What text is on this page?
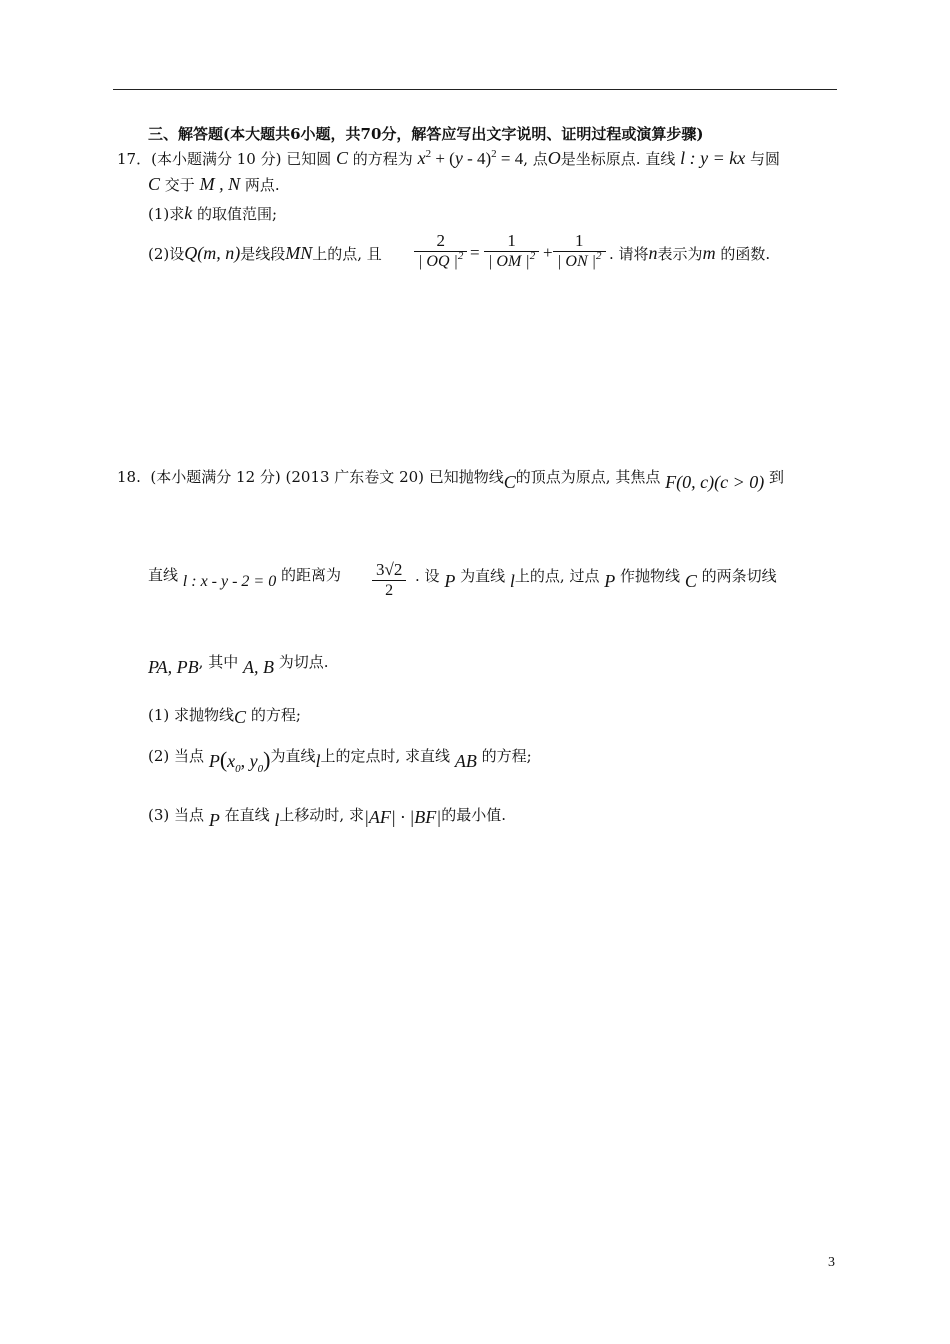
三、解答题(本大题共6小题，共70分，解答应写出文字说明、证明过程或演算步骤)
17．(本小题满分 10 分) 已知圆 C 的方程为 $x^2 + (y - 4)^2 = 4$, 点O是坐标原点. 直线 l : y = kx 与圆
C 交于 M , N 两点.
(1)求k 的取值范围;
(2)设Q(m, n)是线段MN上的点, 且 $\frac{2}{| OQ |^2} = \frac{1}{| OM |^2} + \frac{1}{| ON |^2}$ . 请将n表示为m 的函数.
18. (本小题满分 12 分) (2013 广东卷文 20) 已知抛物线C的顶点为原点, 其焦点 F(0, c)(c > 0) 到
直线 l : x - y - 2 = 0 的距离为 $\frac{3√2}{2}$ . 设 P 为直线 l上的点, 过点 P 作抛物线 C 的两条切线
PA, PB, 其中 A, B 为切点.
(1) 求抛物线C 的方程;
(2) 当点 $P(x_0$, $y_0$)为直线l上的定点时, 求直线 AB 的方程;
(3) 当点 P 在直线 l上移动时, 求|AF| · |BF|的最小值.
3
